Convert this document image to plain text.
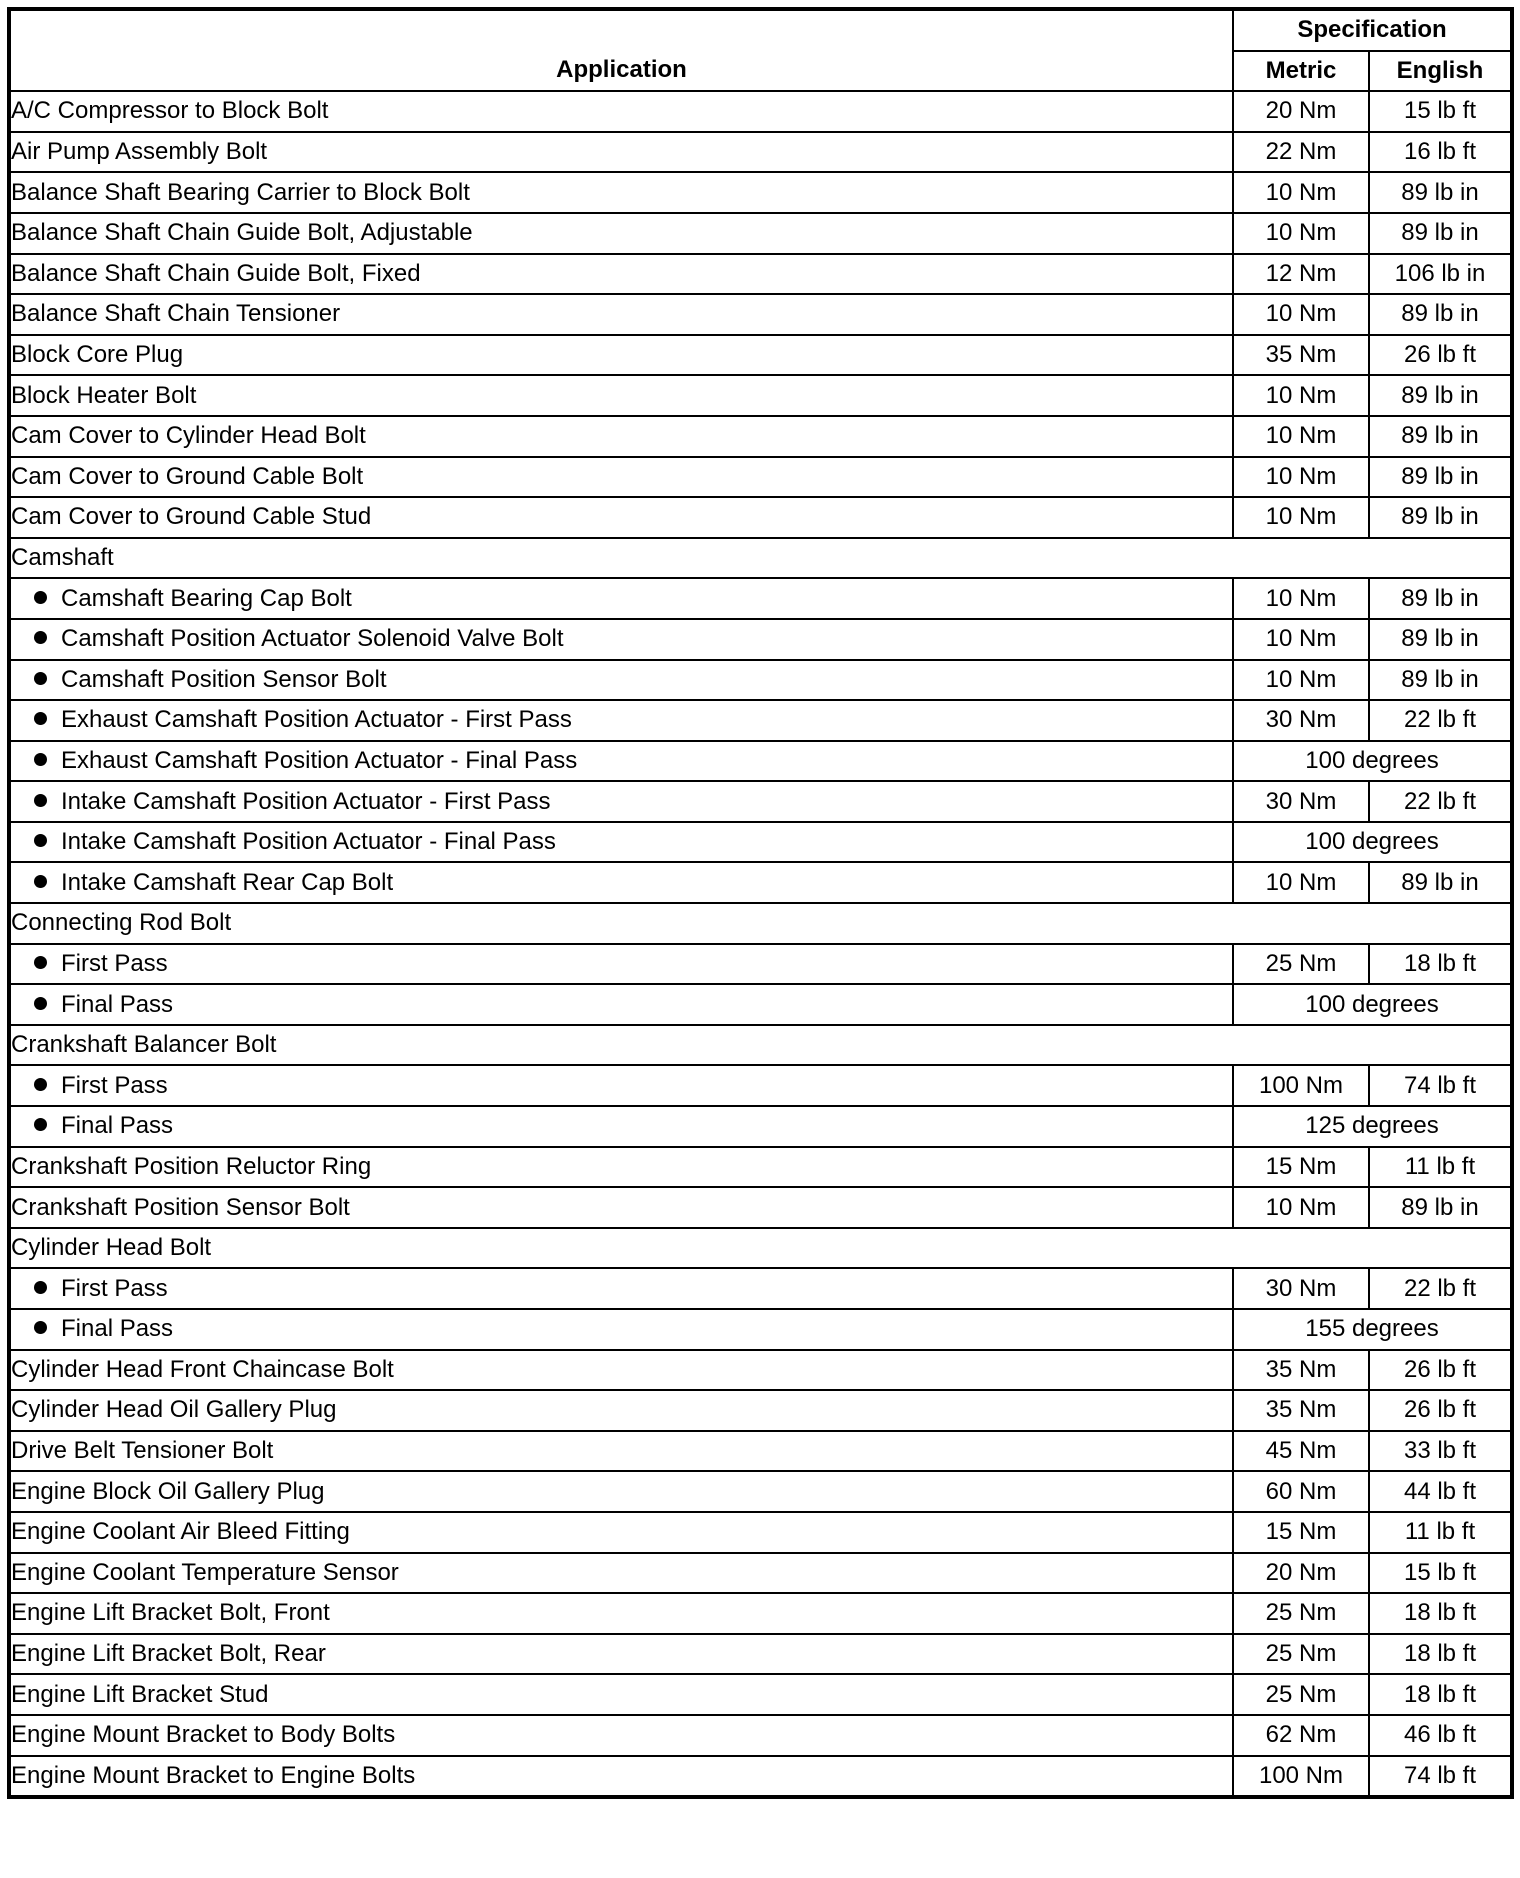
Application	Specification	
	Metric	English
A/C Compressor to Block Bolt	20 Nm	15 lb ft
Air Pump Assembly Bolt	22 Nm	16 lb ft
Balance Shaft Bearing Carrier to Block Bolt	10 Nm	89 lb in
Balance Shaft Chain Guide Bolt, Adjustable	10 Nm	89 lb in
Balance Shaft Chain Guide Bolt, Fixed	12 Nm	106 lb in
Balance Shaft Chain Tensioner	10 Nm	89 lb in
Block Core Plug	35 Nm	26 lb ft
Block Heater Bolt	10 Nm	89 lb in
Cam Cover to Cylinder Head Bolt	10 Nm	89 lb in
Cam Cover to Ground Cable Bolt	10 Nm	89 lb in
Cam Cover to Ground Cable Stud	10 Nm	89 lb in
Camshaft		
Camshaft Bearing Cap Bolt	10 Nm	89 lb in
Camshaft Position Actuator Solenoid Valve Bolt	10 Nm	89 lb in
Camshaft Position Sensor Bolt	10 Nm	89 lb in
Exhaust Camshaft Position Actuator - First Pass	30 Nm	22 lb ft
Exhaust Camshaft Position Actuator - Final Pass	100 degrees	
Intake Camshaft Position Actuator - First Pass	30 Nm	22 lb ft
Intake Camshaft Position Actuator - Final Pass	100 degrees	
Intake Camshaft Rear Cap Bolt	10 Nm	89 lb in
Connecting Rod Bolt		
First Pass	25 Nm	18 lb ft
Final Pass	100 degrees	
Crankshaft Balancer Bolt		
First Pass	100 Nm	74 lb ft
Final Pass	125 degrees	
Crankshaft Position Reluctor Ring	15 Nm	11 lb ft
Crankshaft Position Sensor Bolt	10 Nm	89 lb in
Cylinder Head Bolt		
First Pass	30 Nm	22 lb ft
Final Pass	155 degrees	
Cylinder Head Front Chaincase Bolt	35 Nm	26 lb ft
Cylinder Head Oil Gallery Plug	35 Nm	26 lb ft
Drive Belt Tensioner Bolt	45 Nm	33 lb ft
Engine Block Oil Gallery Plug	60 Nm	44 lb ft
Engine Coolant Air Bleed Fitting	15 Nm	11 lb ft
Engine Coolant Temperature Sensor	20 Nm	15 lb ft
Engine Lift Bracket Bolt, Front	25 Nm	18 lb ft
Engine Lift Bracket Bolt, Rear	25 Nm	18 lb ft
Engine Lift Bracket Stud	25 Nm	18 lb ft
Engine Mount Bracket to Body Bolts	62 Nm	46 lb ft
Engine Mount Bracket to Engine Bolts	100 Nm	74 lb ft
